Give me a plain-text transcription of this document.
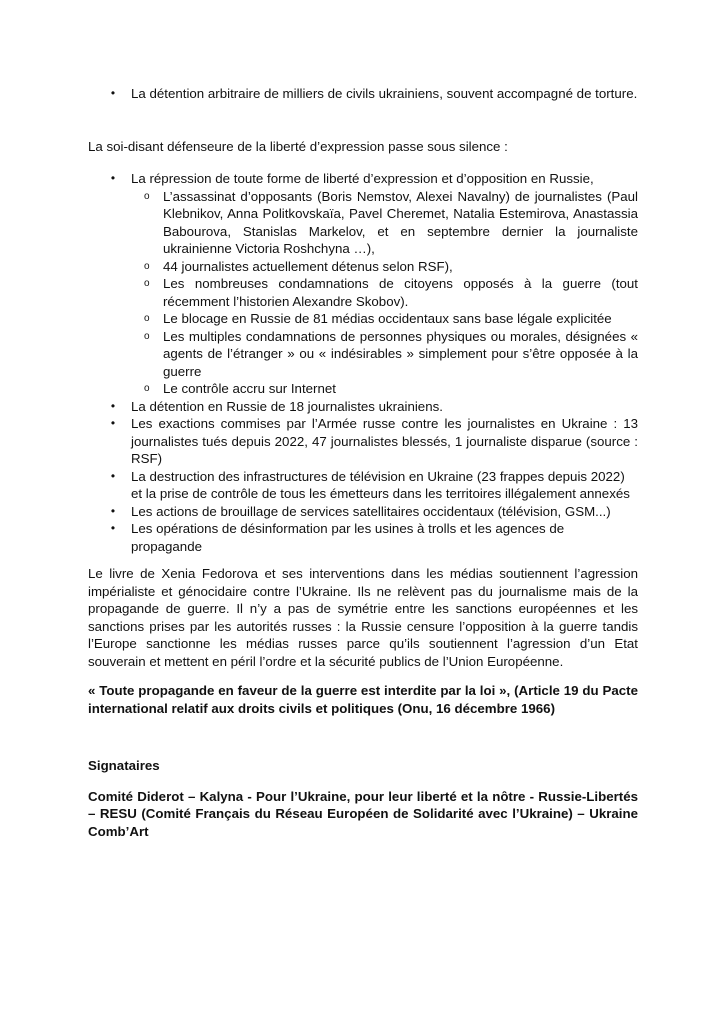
• La détention arbitraire de milliers de civils ukrainiens, souvent accompagné de torture.

La soi-disant défenseure de la liberté d’expression passe sous silence :

• La répression de toute forme de liberté d’expression et d’opposition en Russie,
o L’assassinat d’opposants (Boris Nemstov, Alexei Navalny) de journalistes (Paul Klebnikov, Anna Politkovskaïa, Pavel Cheremet, Natalia Estemirova, Anastassia Babourova, Stanislas Markelov, et en septembre dernier la journaliste ukrainienne Victoria Roshchyna …),
o 44 journalistes actuellement détenus selon RSF),
o Les nombreuses condamnations de citoyens opposés à la guerre (tout récemment l’historien Alexandre Skobov).
o Le blocage en Russie de 81 médias occidentaux sans base légale explicitée
o Les multiples condamnations de personnes physiques ou morales, désignées « agents de l’étranger » ou « indésirables » simplement pour s’être opposée à la guerre
o Le contrôle accru sur Internet
• La détention en Russie de 18 journalistes ukrainiens.
• Les exactions commises par l’Armée russe contre les journalistes en Ukraine : 13 journalistes tués depuis 2022, 47 journalistes blessés, 1 journaliste disparue (source : RSF)
• La destruction des infrastructures de télévision en Ukraine (23 frappes depuis 2022) et la prise de contrôle de tous les émetteurs dans les territoires illégalement annexés
• Les actions de brouillage de services satellitaires occidentaux (télévision, GSM...)
• Les opérations de désinformation par les usines à trolls et les agences de propagande

Le livre de Xenia Fedorova et ses interventions dans les médias soutiennent l’agression impérialiste et génocidaire contre l’Ukraine. Ils ne relèvent pas du journalisme mais de la propagande de guerre. Il n’y a pas de symétrie entre les sanctions européennes et les sanctions prises par les autorités russes : la Russie censure l’opposition à la guerre tandis l’Europe sanctionne les médias russes parce qu’ils soutiennent l’agression d’un Etat souverain et mettent en péril l’ordre et la sécurité publics de l’Union Européenne.

« Toute propagande en faveur de la guerre est interdite par la loi », (Article 19 du Pacte international relatif aux droits civils et politiques (Onu, 16 décembre 1966)

Signataires

Comité Diderot – Kalyna - Pour l’Ukraine, pour leur liberté et la nôtre - Russie-Libertés – RESU (Comité Français du Réseau Européen de Solidarité avec l’Ukraine) – Ukraine Comb’Art
